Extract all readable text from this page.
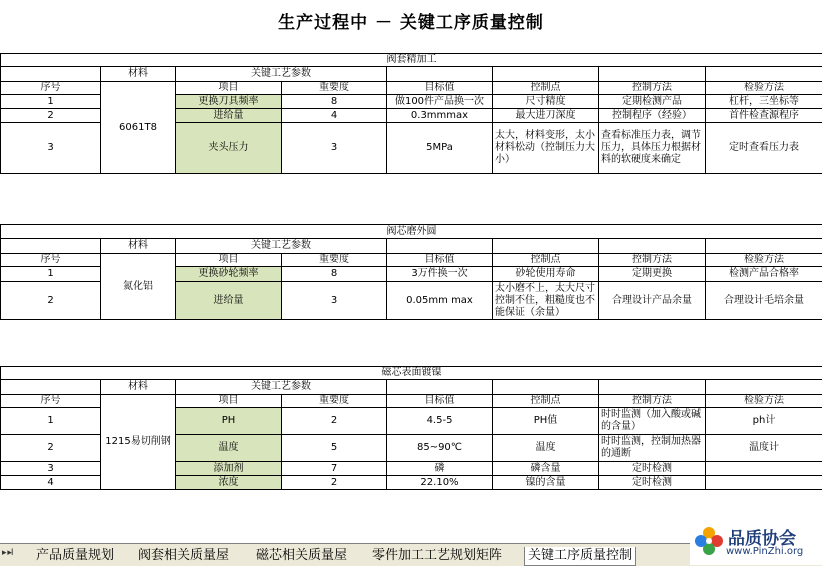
生产过程中 － 关键工序质量控制
阀套精加工							
	材料	关键工艺参数					
序号	6061T8	项目	重要度	目标值	控制点	控制方法	检验方法
1		更换刀具频率	8	做100件产品换一次	尺寸精度	定期检测产品	杠杆，三坐标等
2		进给量	4	0.3mmmax	最大进刀深度	控制程序（经验）	首件检查源程序
3		夹头压力	3	5MPa	太大，材料变形，太小材料松动（控制压力大小）	查看标准压力表，调节压力，具体压力根据材料的软硬度来确定	定时查看压力表
阀芯磨外圆							
	材料	关键工艺参数					
序号	氮化铝	项目	重要度	目标值	控制点	控制方法	检验方法
1		更换砂轮频率	8	3万件换一次	砂轮使用寿命	定期更换	检测产品合格率
2		进给量	3	0.05mm max	太小磨不上，太大尺寸控制不住，粗糙度也不能保证（余量）	合理设计产品余量	合理设计毛培余量
磁芯表面镀镍							
	材料	关键工艺参数					
序号	1215易切削钢	项目	重要度	目标值	控制点	控制方法	检验方法
1		PH	2	4.5-5	PH值	时时监测（加入酸或碱的含量）	ph计
2		温度	5	85~90℃	温度	时时监测，控制加热器的通断	温度计
3		添加剂	7	磷	磷含量	定时检测	
4		浓度	2	22.10%	镍的含量	定时检测	
▸ ▸I 产品质量规划 阀套相关质量屋 磁芯相关质量屋 零件加工工艺规划矩阵	关键工序质量控制
品质协会
www.PinZhi.org
